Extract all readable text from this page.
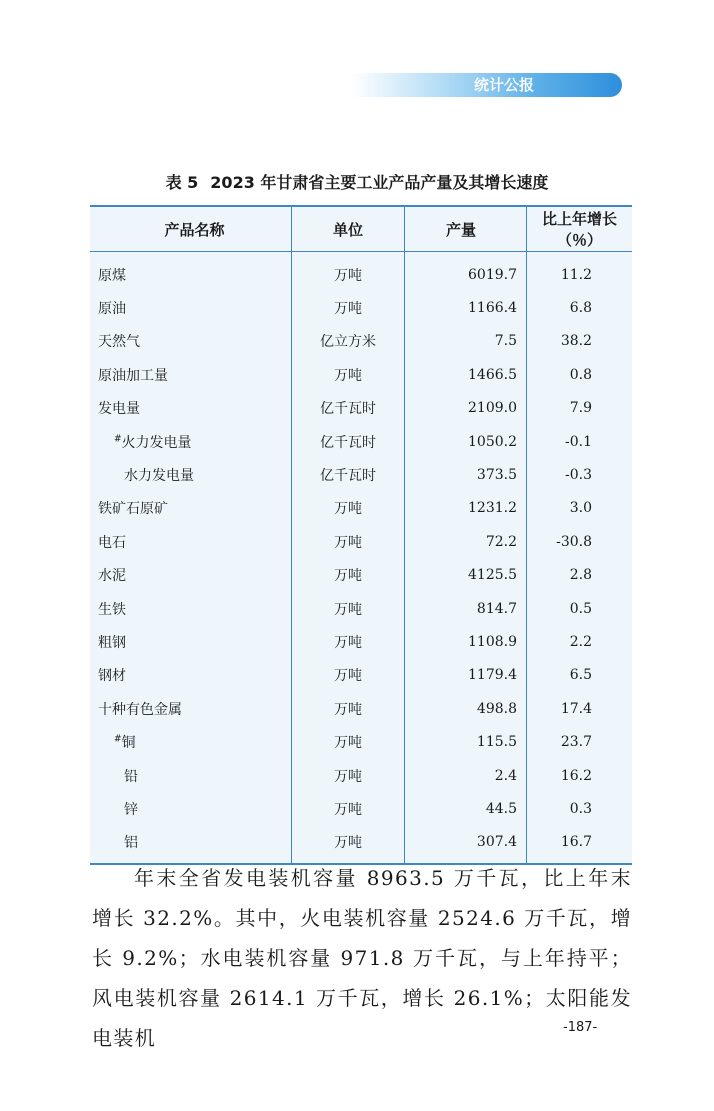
统计公报
表 5 2023 年甘肃省主要工业产品产量及其增长速度
产品名称	单位	产量	比上年增长（％）
原煤	万吨	6019.7	11.2
原油	万吨	1166.4	6.8
天然气	亿立方米	7.5	38.2
原油加工量	万吨	1466.5	0.8
发电量	亿千瓦时	2109.0	7.9
#火力发电量	亿千瓦时	1050.2	-0.1
水力发电量	亿千瓦时	373.5	-0.3
铁矿石原矿	万吨	1231.2	3.0
电石	万吨	72.2	-30.8
水泥	万吨	4125.5	2.8
生铁	万吨	814.7	0.5
粗钢	万吨	1108.9	2.2
钢材	万吨	1179.4	6.5
十种有色金属	万吨	498.8	17.4
#铜	万吨	115.5	23.7
铅	万吨	2.4	16.2
锌	万吨	44.5	0.3
铝	万吨	307.4	16.7

年末全省发电装机容量 8963.5 万千瓦，比上年末增长 32.2%。其中，火电装机容量 2524.6 万千瓦，增长 9.2%；水电装机容量 971.8 万千瓦，与上年持平；风电装机容量 2614.1 万千瓦，增长 26.1%；太阳能发电装机	-187-
